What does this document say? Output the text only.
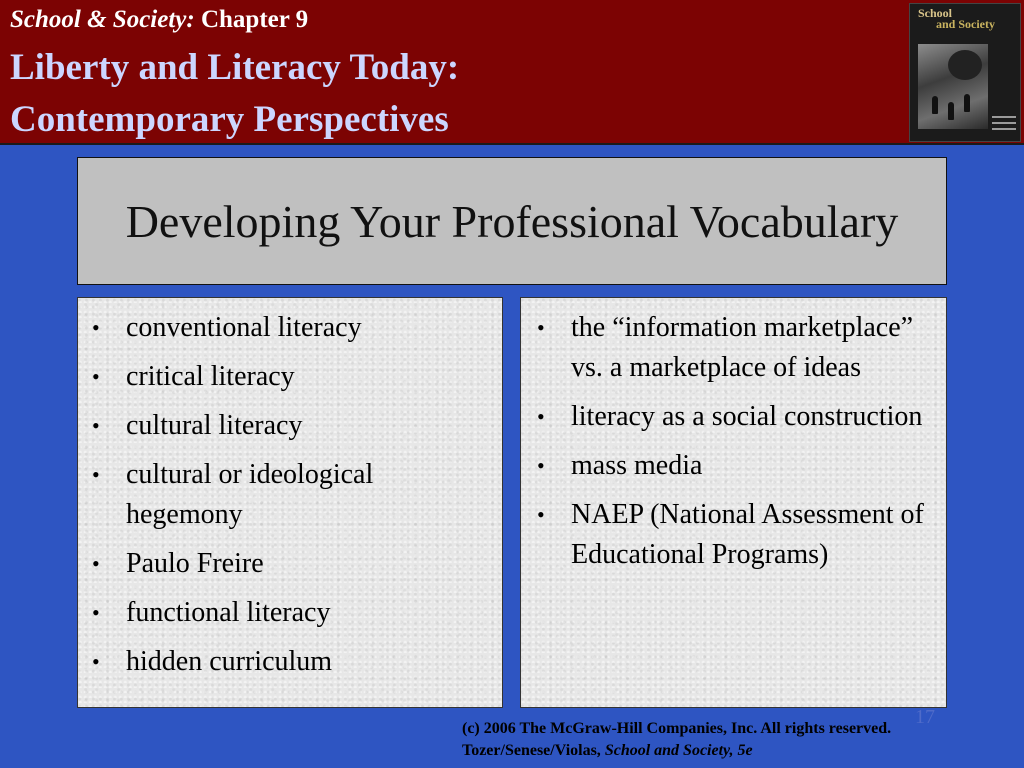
School & Society: Chapter 9
Liberty and Literacy Today:
Contemporary Perspectives
School
and Society
Developing Your Professional Vocabulary
• conventional literacy
• critical literacy
• cultural literacy
• cultural or ideological hegemony
• Paulo Freire
• functional literacy
• hidden curriculum
• the “information marketplace” vs. a marketplace of ideas
• literacy as a social construction
• mass media
• NAEP (National Assessment of Educational Programs)
17
(c) 2006 The McGraw-Hill Companies, Inc. All rights reserved.
Tozer/Senese/Violas, School and Society, 5e
